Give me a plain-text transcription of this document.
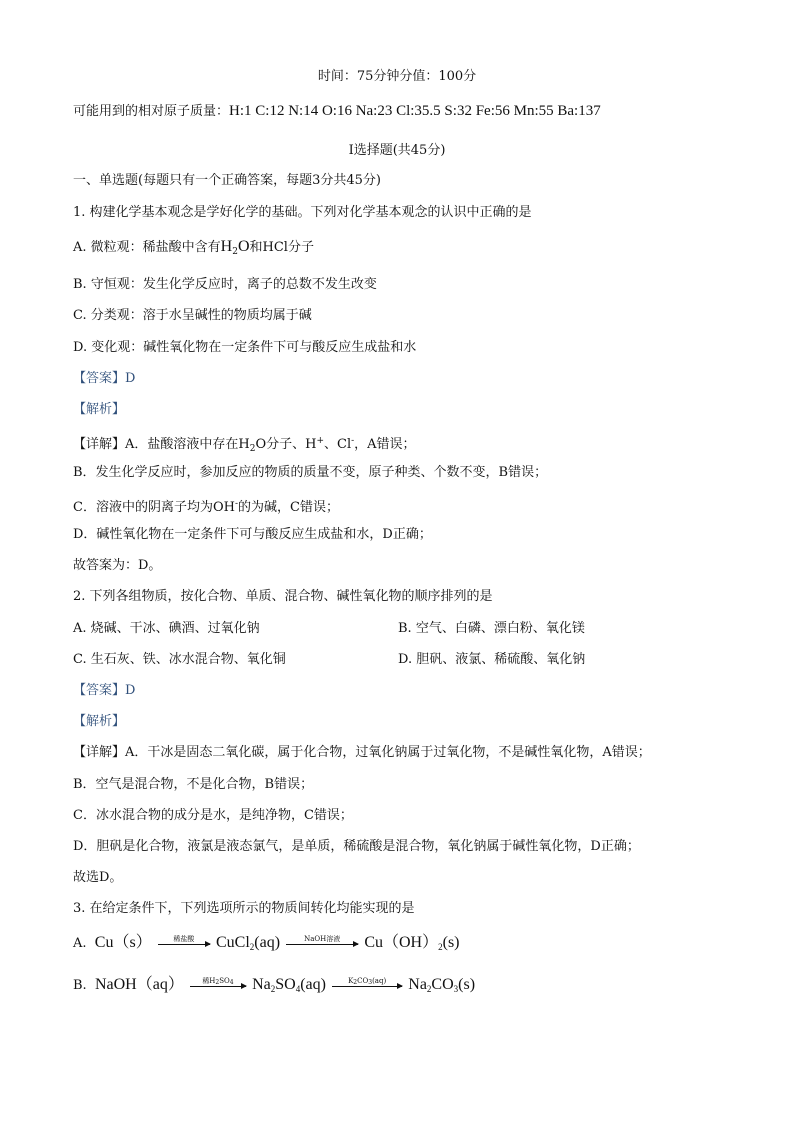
时间：75分钟分值：100分
可能用到的相对原子质量：H:1 C:12 N:14 O:16 Na:23 Cl:35.5 S:32 Fe:56 Mn:55 Ba:137
I选择题(共45分)
一、单选题(每题只有一个正确答案，每题3分共45分)
1. 构建化学基本观念是学好化学的基础。下列对化学基本观念的认识中正确的是
A. 微粒观：稀盐酸中含有$H_2O$和HCl分子
B. 守恒观：发生化学反应时，离子的总数不发生改变
C. 分类观：溶于水呈碱性的物质均属于碱
D. 变化观：碱性氧化物在一定条件下可与酸反应生成盐和水
【答案】D
【解析】
【详解】A．盐酸溶液中存在$H_2O$分子、H+、Cl-，A错误；
B．发生化学反应时，参加反应的物质的质量不变，原子种类、个数不变，B错误；
C．溶液中的阴离子均为OH-的为碱，C错误；
D．碱性氧化物在一定条件下可与酸反应生成盐和水，D正确；
故答案为：D。
2. 下列各组物质，按化合物、单质、混合物、碱性氧化物的顺序排列的是
A. 烧碱、干冰、碘酒、过氧化钠	B. 空气、白磷、漂白粉、氧化镁
C. 生石灰、铁、冰水混合物、氧化铜	D. 胆矾、液氯、稀硫酸、氧化钠
【答案】D
【解析】
【详解】A．干冰是固态二氧化碳，属于化合物，过氧化钠属于过氧化物，不是碱性氧化物，A错误；
B．空气是混合物，不是化合物，B错误；
C．冰水混合物的成分是水，是纯净物，C错误；
D．胆矾是化合物，液氯是液态氯气，是单质，稀硫酸是混合物，氧化钠属于碱性氧化物，D正确；
故选D。
3. 在给定条件下，下列选项所示的物质间转化均能实现的是
A. Cu（s）	稀盐酸	CuCl$_2$(aq)	NaOH溶液	$Cu(OH)_2(s)$
B. NaOH（aq）	稀H2SO4	$Na_2SO_4(aq)$	K2CO3(aq)	$Na_2CO_3(s)$
